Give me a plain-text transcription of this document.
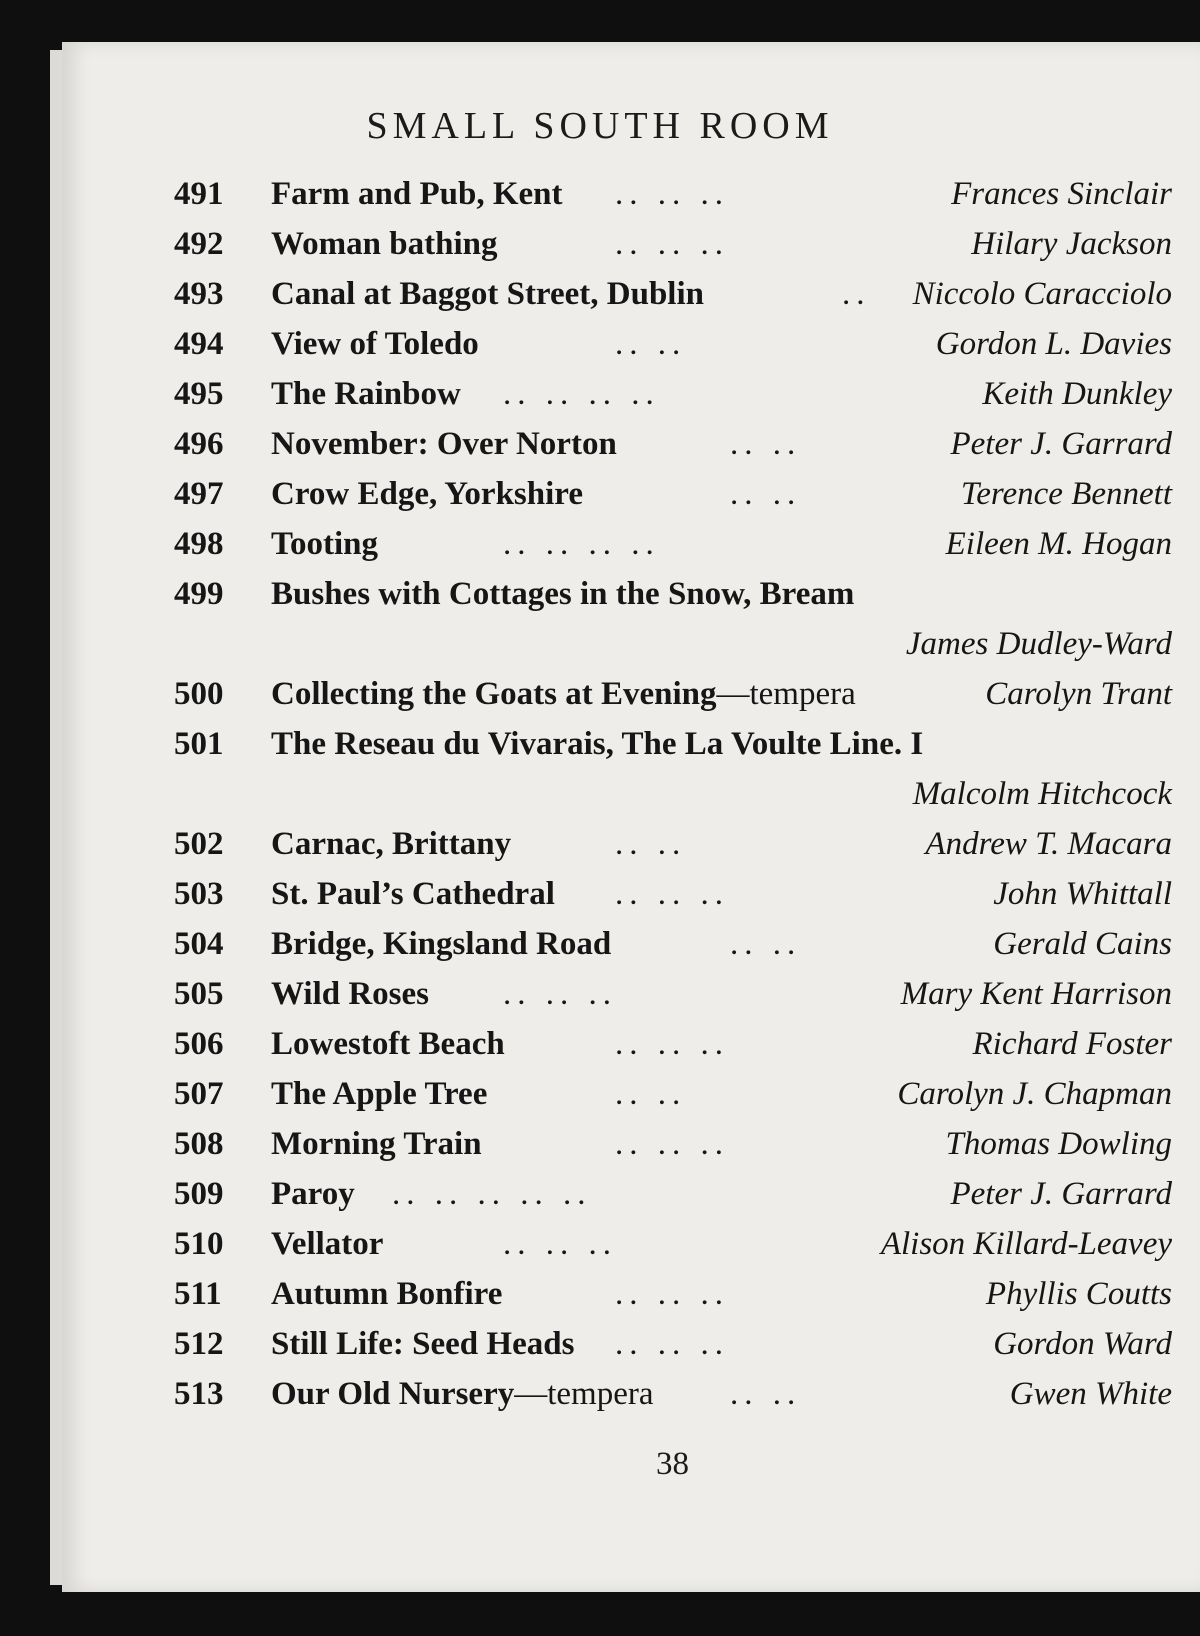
SMALL SOUTH ROOM
491 Farm and Pub, Kent .. .. ..	Frances Sinclair
492 Woman bathing	.. .. ..	Hilary Jackson
493 Canal at Baggot Street, Dublin	.. Niccolo Caracciolo
494 View of Toledo	.. ..	Gordon L. Davies
495 The Rainbow .. .. .. ..	Keith Dunkley
496 November: Over Norton	.. ..	Peter J. Garrard
497 Crow Edge, Yorkshire	.. ..	Terence Bennett
498 Tooting	.. .. .. ..	Eileen M. Hogan
499 Bushes with Cottages in the Snow, Bream
James Dudley-Ward
500 Collecting the Goats at Evening—tempera	Carolyn Trant
501 The Reseau du Vivarais, The La Voulte Line. I
Malcolm Hitchcock
502 Carnac, Brittany	.. ..	Andrew T. Macara
503 St. Paul’s Cathedral .. .. ..	John Whittall
504 Bridge, Kingsland Road	.. ..	Gerald Cains
505 Wild Roses .. .. ..	Mary Kent Harrison
506 Lowestoft Beach	.. .. ..	Richard Foster
507 The Apple Tree	.. ..	Carolyn J. Chapman
508 Morning Train	.. .. ..	Thomas Dowling
509 Paroy .. .. .. .. ..	Peter J. Garrard
510 Vellator	.. .. ..	Alison Killard-Leavey
511 Autumn Bonfire	.. .. ..	Phyllis Coutts
512 Still Life: Seed Heads .. .. ..	Gordon Ward
513 Our Old Nursery—tempera .. ..	Gwen White
38
